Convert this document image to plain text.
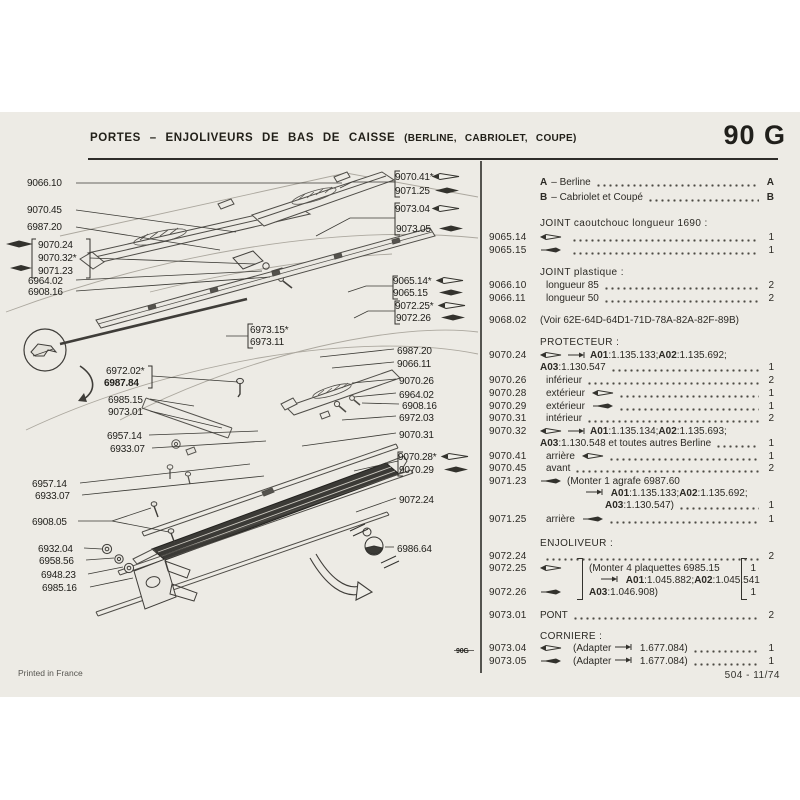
PORTES – ENJOLIVEURS DE BAS DE CAISSE (BERLINE, CABRIOLET, COUPE)	90 G
9066.10
9070.45
6987.20
9070.24
9070.32*
9071.23
6964.02
6908.16
6973.15*
6973.11
6972.02*
6987.84
6985.15
9073.01
6957.14
6933.07
6957.14
6933.07
6908.05
6932.04
6958.56
6948.23
6985.16
9070.41*
9071.25
9073.04
9073.05
9065.14*
9065.15
9072.25*
9072.26
6987.20
9066.11
9070.26
6964.02
6908.16
6972.03
9070.31
9070.28*
9070.29
9072.24
6986.64
90G
A – Berline	A
B – Cabriolet et Coupé	B
JOINT caoutchouc longueur 1690 :
9065.14	1
9065.15	1
JOINT plastique :
9066.10	longueur 85	2
9066.11	longueur 50	2
9068.02	(Voir 62E-64D-64D1-71D-78A-82A-82F-89B)
PROTECTEUR :
9070.24	A01:1.135.133;A02:1.135.692;
A03:1.130.547	1
9070.26	inférieur	2
9070.28	extérieur	1
9070.29	extérieur	1
9070.31	intérieur	2
9070.32	A01:1.135.134;A02:1.135.693;
A03:1.130.548 et toutes autres Berline	1
9070.41	arrière	1
9070.45	avant	2
9071.23	(Monter 1 agrafe 6987.60
A01:1.135.133;A02:1.135.692;
A03:1.130.547)	1
9071.25	arrière	1
ENJOLIVEUR :
9072.24	2
9072.25	(Monter 4 plaquettes 6985.15	1
A01:1.045.882;A02:1.045.541
9072.26	A03:1.046.908)	1
9073.01	PONT	2
CORNIERE :
9073.04	(Adapter
1.677.084)	1
9073.05	(Adapter
1.677.084)	1
Printed in France	504 - 11/74
